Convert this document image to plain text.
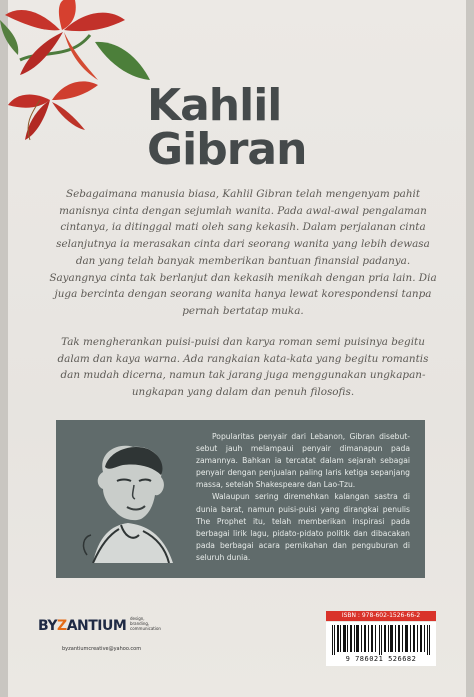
Kahlil
Gibran
Sebagaimana manusia biasa, Kahlil Gibran telah mengenyam pahit manisnya cinta dengan sejumlah wanita. Pada awal-awal pengalaman cintanya, ia ditinggal mati oleh sang kekasih. Dalam perjalanan cinta selanjutnya ia merasakan cinta dari seorang wanita yang lebih dewasa dan yang telah banyak memberikan bantuan finansial padanya. Sayangnya cinta tak berlanjut dan kekasih menikah dengan pria lain. Dia juga bercinta dengan seorang wanita hanya lewat korespondensi tanpa pernah bertatap muka.
Tak mengherankan puisi-puisi dan karya roman semi puisinya begitu dalam dan kaya warna. Ada rangkaian kata-kata yang begitu romantis dan mudah dicerna, namun tak jarang juga menggunakan ungkapan-ungkapan yang dalam dan penuh filosofis.

Popularitas penyair dari Lebanon, Gibran disebut-sebut jauh melampaui penyair dimanapun pada zamannya. Bahkan ia tercatat dalam sejarah sebagai penyair dengan penjualan paling laris ketiga sepanjang massa, setelah Shakespeare dan Lao-Tzu.

Walaupun sering diremehkan kalangan sastra di dunia barat, namun puisi-puisi yang dirangkai penulis The Prophet itu, telah memberikan inspirasi pada berbagai lirik lagu, pidato-pidato politik dan dibacakan pada berbagai acara pernikahan dan penguburan di seluruh dunia.

BYZANTIUM design, branding, communication
byzantiumcreative@yahoo.com
ISBN : 978-602-1526-66-2
9 786021 526682
